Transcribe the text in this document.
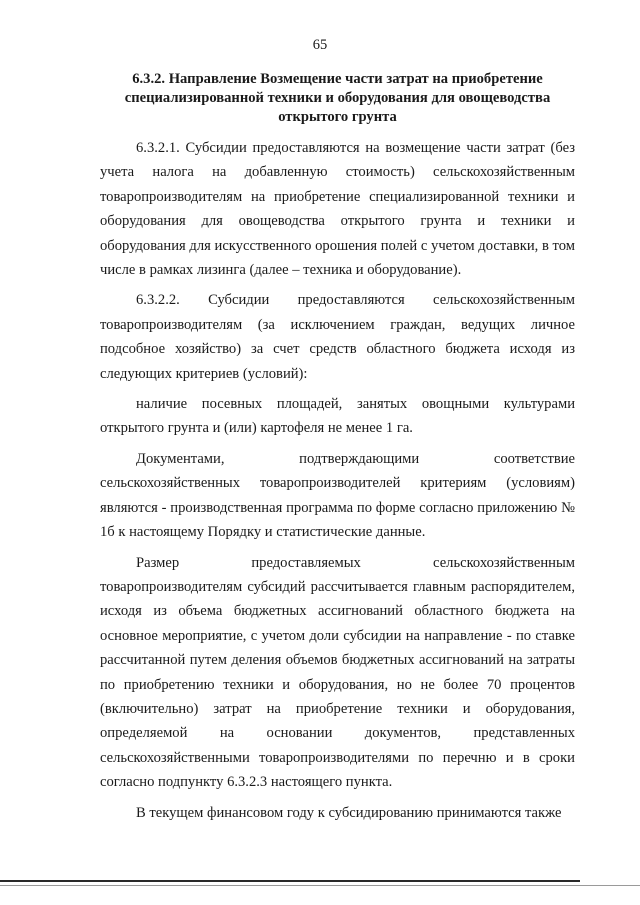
65
6.3.2. Направление Возмещение части затрат на приобретение специализированной техники и оборудования для овощеводства открытого грунта

6.3.2.1. Субсидии предоставляются на возмещение части затрат (без учета налога на добавленную стоимость) сельскохозяйственным товаропроизводителям на приобретение специализированной техники и оборудования для овощеводства открытого грунта и техники и оборудования для искусственного орошения полей с учетом доставки, в том числе в рамках лизинга (далее – техника и оборудование).

6.3.2.2. Субсидии предоставляются сельскохозяйственным товаропроизводителям (за исключением граждан, ведущих личное подсобное хозяйство) за счет средств областного бюджета исходя из следующих критериев (условий):

наличие посевных площадей, занятых овощными культурами открытого грунта и (или) картофеля не менее 1 га.

Документами, подтверждающими соответствие сельскохозяйственных товаропроизводителей критериям (условиям) являются - производственная программа по форме согласно приложению № 1б к настоящему Порядку и статистические данные.

Размер предоставляемых сельскохозяйственным товаропроизводителям субсидий рассчитывается главным распорядителем, исходя из объема бюджетных ассигнований областного бюджета на основное мероприятие, с учетом доли субсидии на направление - по ставке рассчитанной путем деления объемов бюджетных ассигнований на затраты по приобретению техники и оборудования, но не более 70 процентов (включительно) затрат на приобретение техники и оборудования, определяемой на основании документов, представленных сельскохозяйственными товаропроизводителями по перечню и в сроки согласно подпункту 6.3.2.3 настоящего пункта.

В текущем финансовом году к субсидированию принимаются также
